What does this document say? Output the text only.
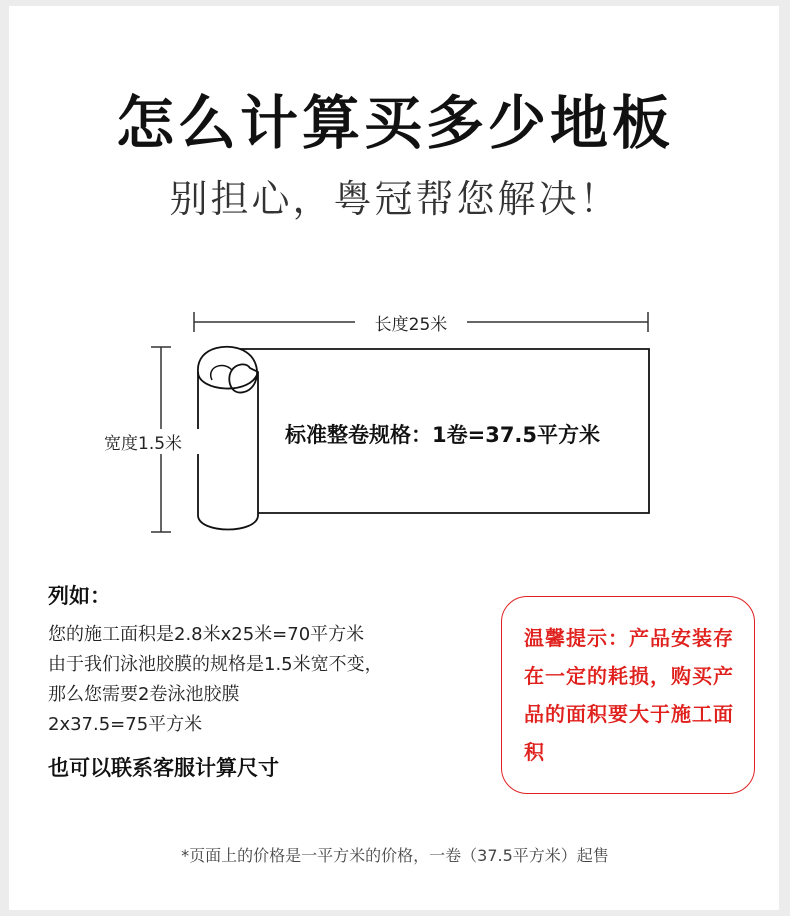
怎么计算买多少地板
别担心，粤冠帮您解决！
长度25米
宽度1.5米	标准整卷规格：1卷=37.5平方米
列如：
您的施工面积是2.8米x25米=70平方米
由于我们泳池胶膜的规格是1.5米宽不变，
那么您需要2卷泳池胶膜
2x37.5=75平方米
也可以联系客服计算尺寸
温馨提示：产品安装存在一定的耗损，购买产品的面积要大于施工面积
*页面上的价格是一平方米的价格，一卷（37.5平方米）起售
